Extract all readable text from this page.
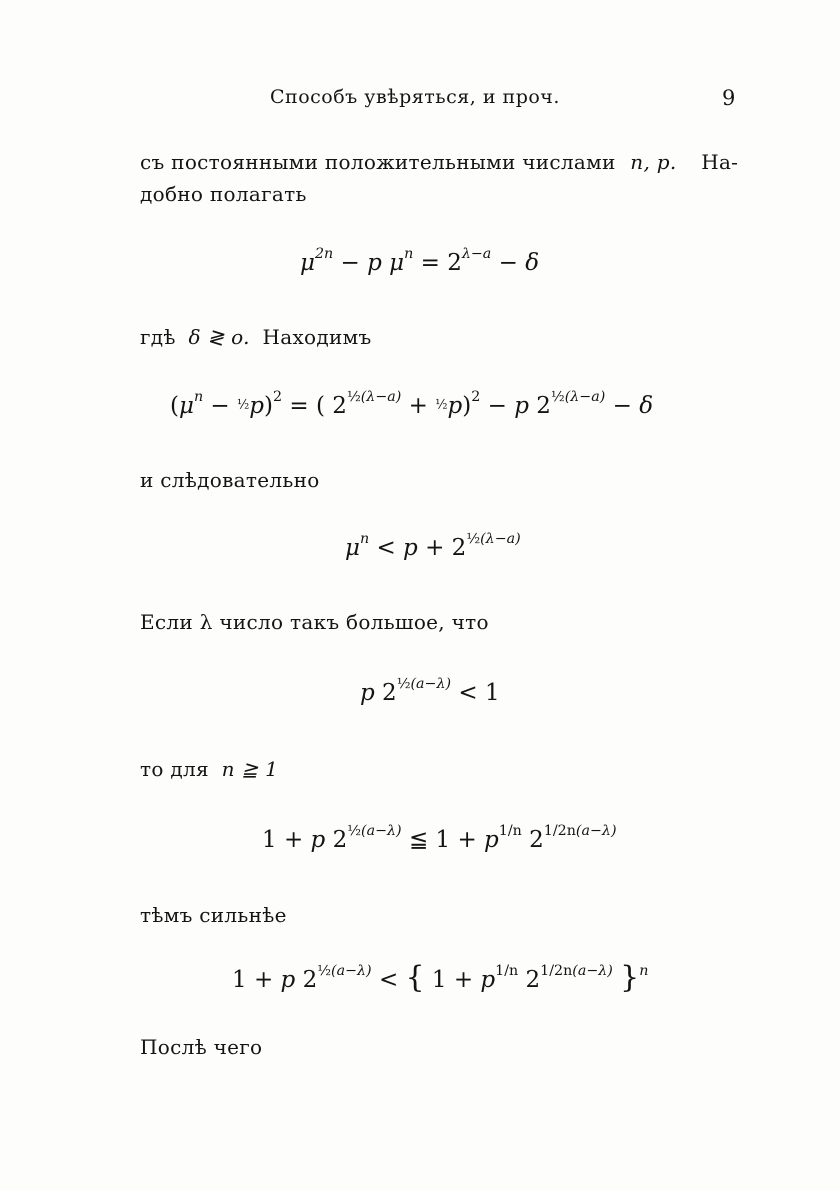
Способъ увѣряться, и проч.	9
съ постоянными положительными числами n, p. На-
добно полагать
$\mu^{2n} - p$ $\mu^n = 2^{\lambda-a} - \delta$
гдѣ δ ≷ o. Находимъ
($\mu^n$ − ½p)$^2$ = ( $2^{\frac{1}{2}(\lambda-a)}$ + ½p)$^2$ − p $2^{\frac{1}{2}(\lambda-a)} - \delta$
и слѣдовательно
$\mu^n < p + 2^{\frac{1}{2}(\lambda-a)}$
Если λ число такъ большое, что
p $2^{\frac{1}{2}(a-\lambda)} < 1$
то для n ≧ 1
1 + p $2^{\frac{1}{2}(a-\lambda)}$ ≦ $1 + p^{1/n}$ $2^{1/2n(a-\lambda)}$
тѣмъ сильнѣе
1 + p $2^{\frac{1}{2}(a-\lambda)}$ < { $1 + p^{1/n}$ $2^{1/2n(a-\lambda)}$ }$^n$
Послѣ чего
